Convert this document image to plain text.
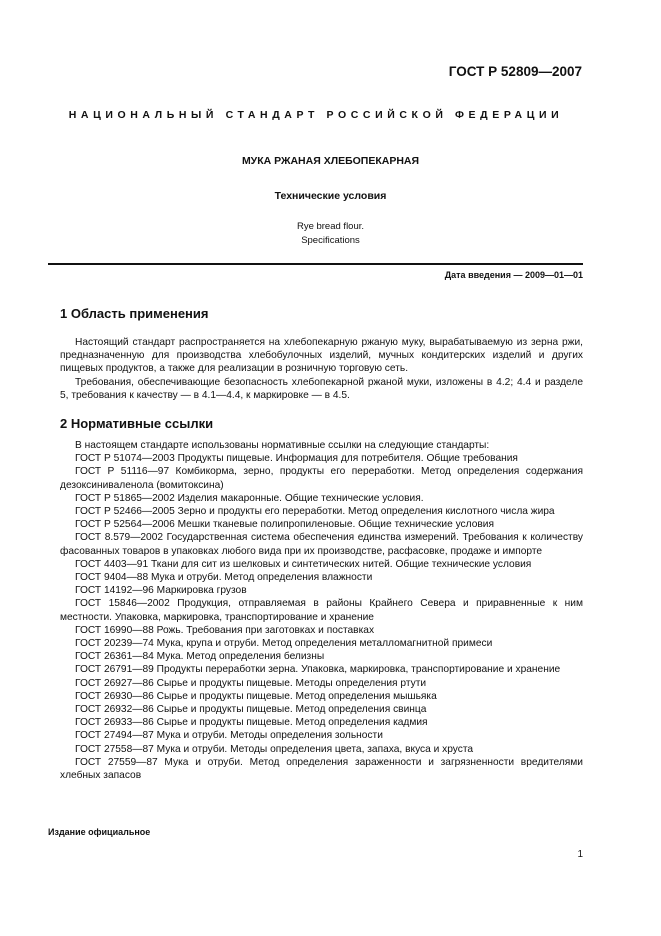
ГОСТ Р 52809—2007
НАЦИОНАЛЬНЫЙ СТАНДАРТ РОССИЙСКОЙ ФЕДЕРАЦИИ
МУКА РЖАНАЯ ХЛЕБОПЕКАРНАЯ
Технические условия
Rye bread flour.
Specifications
Дата введения — 2009—01—01
1 Область применения

Настоящий стандарт распространяется на хлебопекарную ржаную муку, вырабатываемую из зерна ржи, предназначенную для производства хлебобулочных изделий, мучных кондитерских изделий и других пищевых продуктов, а также для реализации в розничную торговую сеть.

Требования, обеспечивающие безопасность хлебопекарной ржаной муки, изложены в 4.2; 4.4 и разделе 5, требования к качеству — в 4.1—4.4, к маркировке — в 4.5.

2 Нормативные ссылки

В настоящем стандарте использованы нормативные ссылки на следующие стандарты:

ГОСТ Р 51074—2003 Продукты пищевые. Информация для потребителя. Общие требования
ГОСТ Р 51116—97 Комбикорма, зерно, продукты его переработки. Метод определения содержания дезоксиниваленола (вомитоксина)
ГОСТ Р 51865—2002 Изделия макаронные. Общие технические условия.
ГОСТ Р 52466—2005 Зерно и продукты его переработки. Метод определения кислотного числа жира
ГОСТ Р 52564—2006 Мешки тканевые полипропиленовые. Общие технические условия
ГОСТ 8.579—2002 Государственная система обеспечения единства измерений. Требования к количеству фасованных товаров в упаковках любого вида при их производстве, расфасовке, продаже и импорте
ГОСТ 4403—91 Ткани для сит из шелковых и синтетических нитей. Общие технические условия
ГОСТ 9404—88 Мука и отруби. Метод определения влажности
ГОСТ 14192—96 Маркировка грузов
ГОСТ 15846—2002 Продукция, отправляемая в районы Крайнего Севера и приравненные к ним местности. Упаковка, маркировка, транспортирование и хранение
ГОСТ 16990—88 Рожь. Требования при заготовках и поставках
ГОСТ 20239—74 Мука, крупа и отруби. Метод определения металломагнитной примеси
ГОСТ 26361—84 Мука. Метод определения белизны
ГОСТ 26791—89 Продукты переработки зерна. Упаковка, маркировка, транспортирование и хранение
ГОСТ 26927—86 Сырье и продукты пищевые. Методы определения ртути
ГОСТ 26930—86 Сырье и продукты пищевые. Метод определения мышьяка
ГОСТ 26932—86 Сырье и продукты пищевые. Метод определения свинца
ГОСТ 26933—86 Сырье и продукты пищевые. Метод определения кадмия
ГОСТ 27494—87 Мука и отруби. Методы определения зольности
ГОСТ 27558—87 Мука и отруби. Методы определения цвета, запаха, вкуса и хруста
ГОСТ 27559—87 Мука и отруби. Метод определения зараженности и загрязненности вредителями хлебных запасов
Издание официальное
1
